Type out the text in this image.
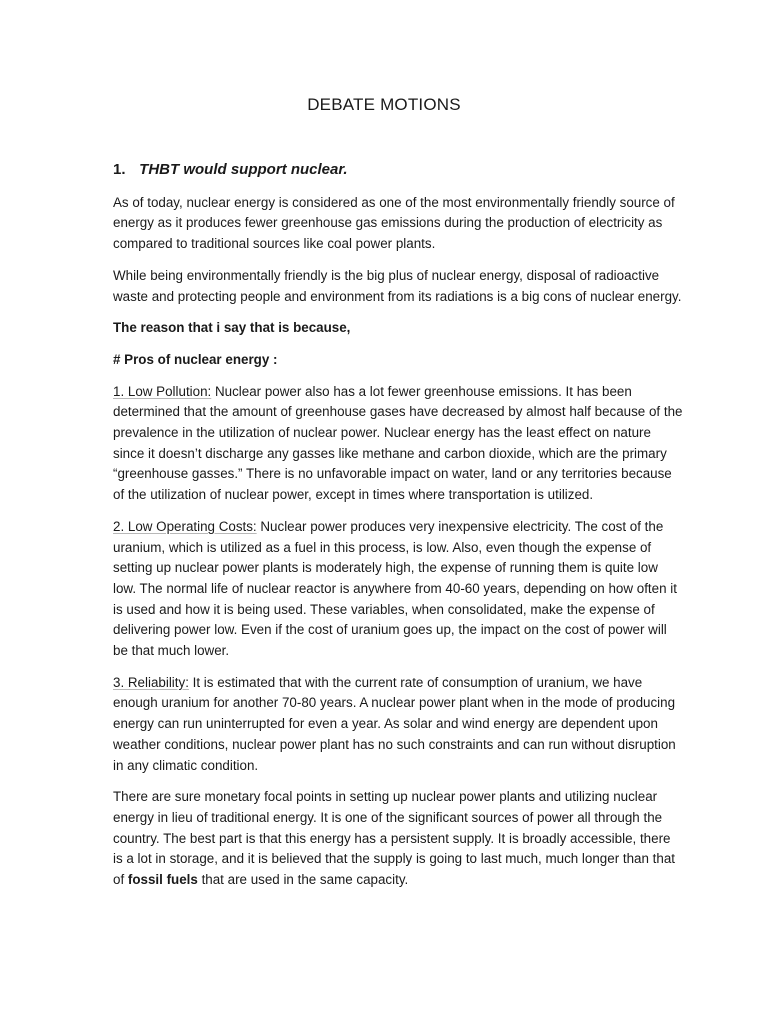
DEBATE MOTIONS
1. THBT would support nuclear.

As of today, nuclear energy is considered as one of the most environmentally friendly source of energy as it produces fewer greenhouse gas emissions during the production of electricity as compared to traditional sources like coal power plants.

While being environmentally friendly is the big plus of nuclear energy, disposal of radioactive waste and protecting people and environment from its radiations is a big cons of nuclear energy.

The reason that i say that is because,

# Pros of nuclear energy :

1. Low Pollution: Nuclear power also has a lot fewer greenhouse emissions. It has been determined that the amount of greenhouse gases have decreased by almost half because of the prevalence in the utilization of nuclear power. Nuclear energy has the least effect on nature since it doesn’t discharge any gasses like methane and carbon dioxide, which are the primary “greenhouse gasses.” There is no unfavorable impact on water, land or any territories because of the utilization of nuclear power, except in times where transportation is utilized.

2. Low Operating Costs: Nuclear power produces very inexpensive electricity. The cost of the uranium, which is utilized as a fuel in this process, is low. Also, even though the expense of setting up nuclear power plants is moderately high, the expense of running them is quite low low. The normal life of nuclear reactor is anywhere from 40-60 years, depending on how often it is used and how it is being used. These variables, when consolidated, make the expense of delivering power low. Even if the cost of uranium goes up, the impact on the cost of power will be that much lower.

3. Reliability: It is estimated that with the current rate of consumption of uranium, we have enough uranium for another 70-80 years. A nuclear power plant when in the mode of producing energy can run uninterrupted for even a year. As solar and wind energy are dependent upon weather conditions, nuclear power plant has no such constraints and can run without disruption in any climatic condition.

There are sure monetary focal points in setting up nuclear power plants and utilizing nuclear energy in lieu of traditional energy. It is one of the significant sources of power all through the country. The best part is that this energy has a persistent supply. It is broadly accessible, there is a lot in storage, and it is believed that the supply is going to last much, much longer than that of fossil fuels that are used in the same capacity.
